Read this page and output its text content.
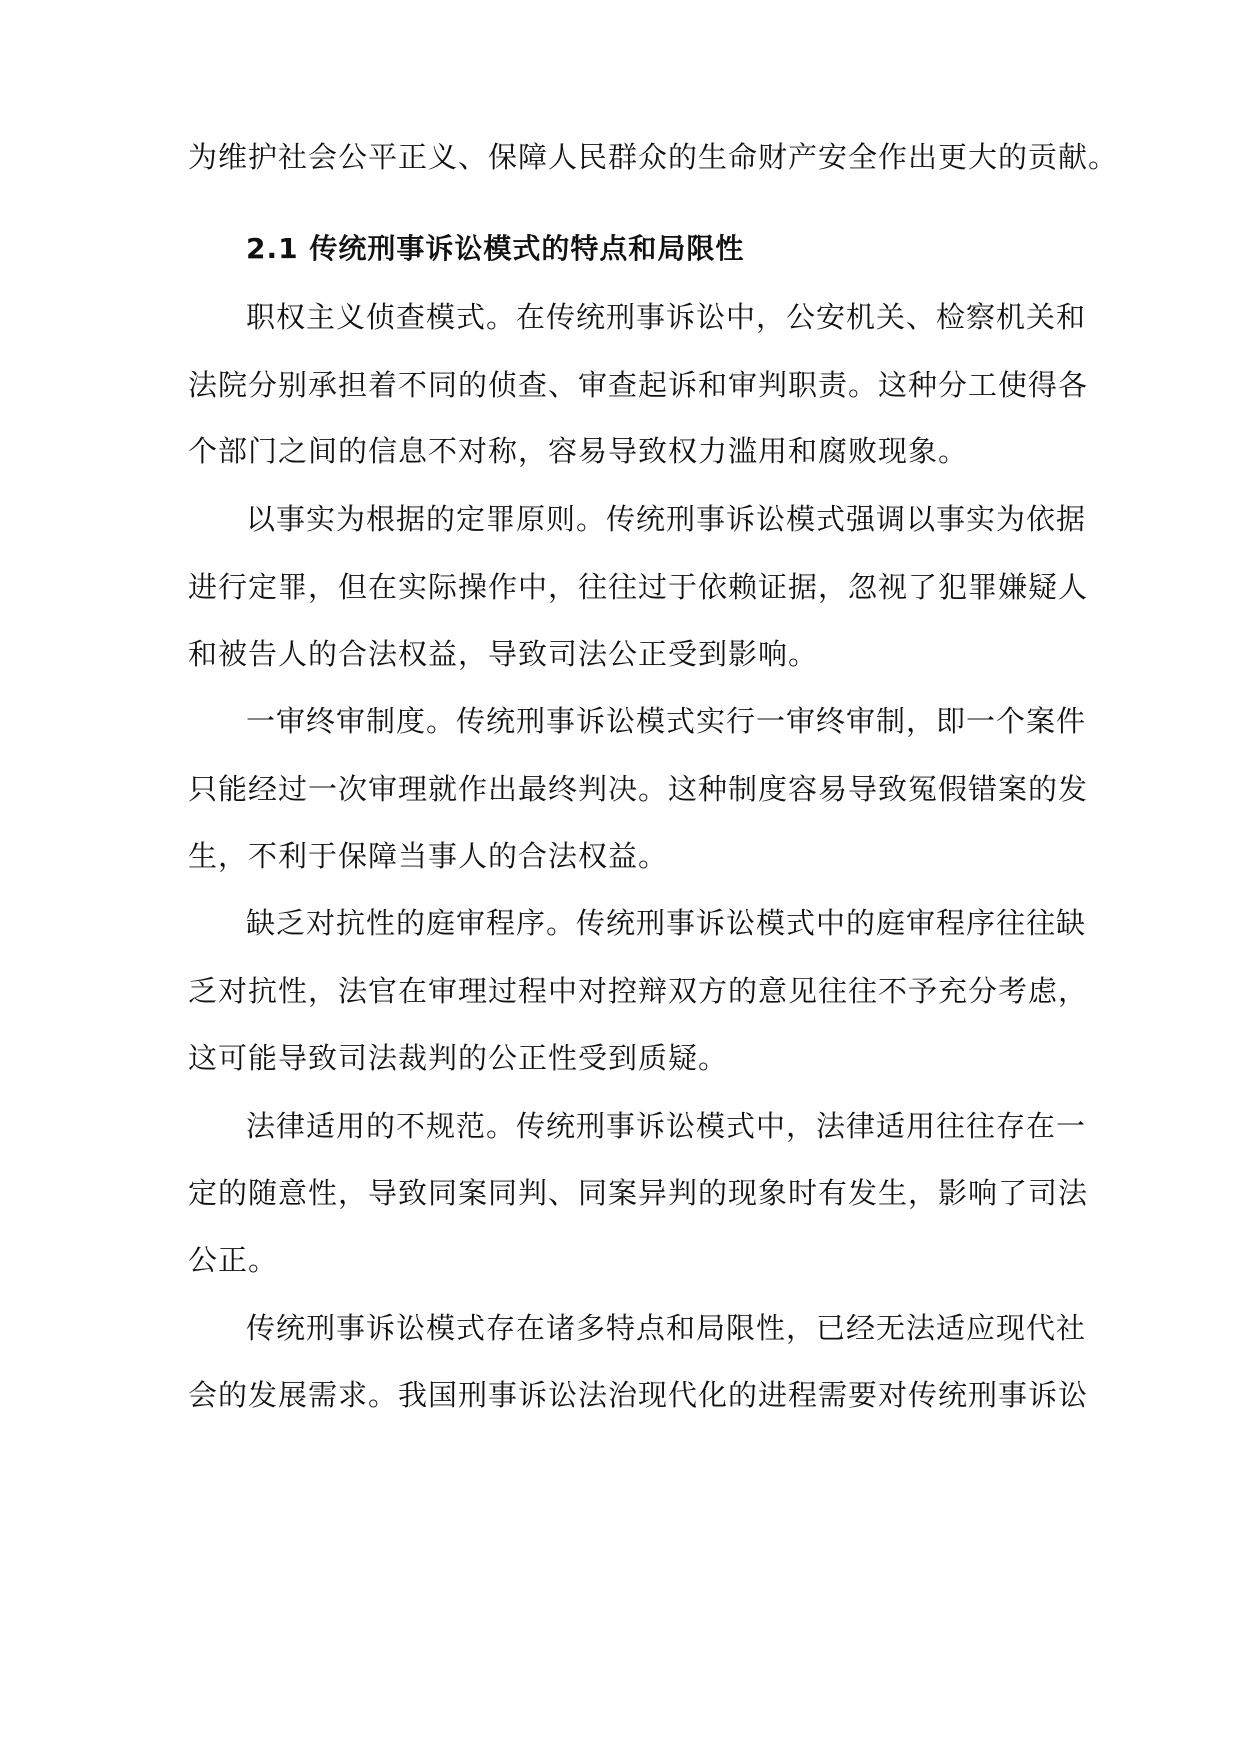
为维护社会公平正义、保障人民群众的生命财产安全作出更大的贡献。
2.1 传统刑事诉讼模式的特点和局限性
职权主义侦查模式。在传统刑事诉讼中，公安机关、检察机关和
法院分别承担着不同的侦查、审查起诉和审判职责。这种分工使得各
个部门之间的信息不对称，容易导致权力滥用和腐败现象。
以事实为根据的定罪原则。传统刑事诉讼模式强调以事实为依据
进行定罪，但在实际操作中，往往过于依赖证据，忽视了犯罪嫌疑人
和被告人的合法权益，导致司法公正受到影响。
一审终审制度。传统刑事诉讼模式实行一审终审制，即一个案件
只能经过一次审理就作出最终判决。这种制度容易导致冤假错案的发
生，不利于保障当事人的合法权益。
缺乏对抗性的庭审程序。传统刑事诉讼模式中的庭审程序往往缺
乏对抗性，法官在审理过程中对控辩双方的意见往往不予充分考虑，
这可能导致司法裁判的公正性受到质疑。
法律适用的不规范。传统刑事诉讼模式中，法律适用往往存在一
定的随意性，导致同案同判、同案异判的现象时有发生，影响了司法
公正。
传统刑事诉讼模式存在诸多特点和局限性，已经无法适应现代社
会的发展需求。我国刑事诉讼法治现代化的进程需要对传统刑事诉讼
